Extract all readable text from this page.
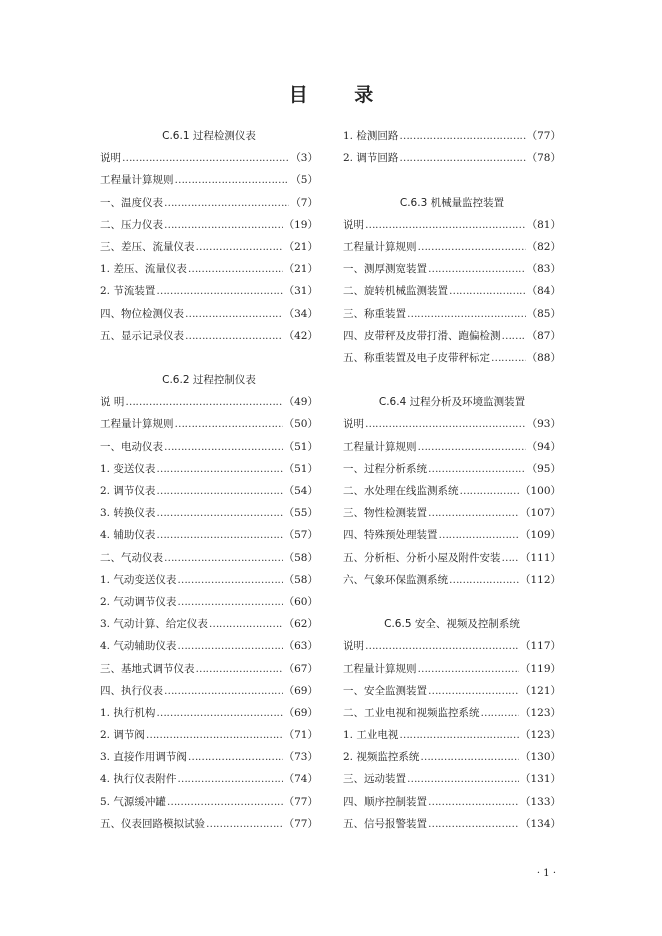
目 录
C.6.1 过程检测仪表
说明 …………………………………………………………………………………………………………	（3）
工程量计算规则 …………………………………………………………………………………………………………	（5）
一、温度仪表 …………………………………………………………………………………………………………	（7）
二、压力仪表 …………………………………………………………………………………………………………	（19）
三、差压、流量仪表 …………………………………………………………………………………………………………	（21）
1. 差压、流量仪表 …………………………………………………………………………………………………………	（21）
2. 节流装置 …………………………………………………………………………………………………………	（31）
四、物位检测仪表 …………………………………………………………………………………………………………	（34）
五、显示记录仪表 …………………………………………………………………………………………………………	（42）
C.6.2 过程控制仪表
说 明 …………………………………………………………………………………………………………	（49）
工程量计算规则 …………………………………………………………………………………………………………	（50）
一、电动仪表 …………………………………………………………………………………………………………	（51）
1. 变送仪表 …………………………………………………………………………………………………………	（51）
2. 调节仪表 …………………………………………………………………………………………………………	（54）
3. 转换仪表 …………………………………………………………………………………………………………	（55）
4. 辅助仪表 …………………………………………………………………………………………………………	（57）
二、气动仪表 …………………………………………………………………………………………………………	（58）
1. 气动变送仪表 …………………………………………………………………………………………………………	（58）
2. 气动调节仪表 …………………………………………………………………………………………………………	（60）
3. 气动计算、给定仪表 …………………………………………………………………………………………………………	（62）
4. 气动辅助仪表 …………………………………………………………………………………………………………	（63）
三、基地式调节仪表 …………………………………………………………………………………………………………	（67）
四、执行仪表 …………………………………………………………………………………………………………	（69）
1. 执行机构 …………………………………………………………………………………………………………	（69）
2. 调节阀 …………………………………………………………………………………………………………	（71）
3. 直接作用调节阀 …………………………………………………………………………………………………………	（73）
4. 执行仪表附件 …………………………………………………………………………………………………………	（74）
5. 气源缓冲罐 …………………………………………………………………………………………………………	（77）
五、仪表回路模拟试验 …………………………………………………………………………………………………………	（77）
1. 检测回路 …………………………………………………………………………………………………………	（77）
2. 调节回路 …………………………………………………………………………………………………………	（78）
C.6.3 机械量监控装置
说明 …………………………………………………………………………………………………………	（81）
工程量计算规则 …………………………………………………………………………………………………………	（82）
一、测厚测宽装置 …………………………………………………………………………………………………………	（83）
二、旋转机械监测装置 …………………………………………………………………………………………………………	（84）
三、称重装置 …………………………………………………………………………………………………………	（85）
四、皮带秤及皮带打滑、跑偏检测 ………………………………………………………………………………………………………… （87）
五、称重装置及电子皮带秤标定 …………………………………………………………………………………………………………	（88）
C.6.4 过程分析及环境监测装置
说明 …………………………………………………………………………………………………………	（93）
工程量计算规则 …………………………………………………………………………………………………………	（94）
一、过程分析系统 …………………………………………………………………………………………………………	（95）
二、水处理在线监测系统 …………………………………………………………………………………………………………	（100）
三、物性检测装置 …………………………………………………………………………………………………………	（107）
四、特殊预处理装置 …………………………………………………………………………………………………………	（109）
五、分析柜、分析小屋及附件安装 ………………………………………………………………………………………………………… （111）
六、气象环保监测系统 …………………………………………………………………………………………………………	（112）
C.6.5 安全、视频及控制系统
说明 …………………………………………………………………………………………………………	（117）
工程量计算规则 …………………………………………………………………………………………………………	（119）
一、安全监测装置 …………………………………………………………………………………………………………	（121）
二、工业电视和视频监控系统 …………………………………………………………………………………………………………	（123）
1. 工业电视 …………………………………………………………………………………………………………	（123）
2. 视频监控系统 …………………………………………………………………………………………………………	（130）
三、远动装置 …………………………………………………………………………………………………………	（131）
四、顺序控制装置 …………………………………………………………………………………………………………	（133）
五、信号报警装置 …………………………………………………………………………………………………………	（134）
· 1 ·
